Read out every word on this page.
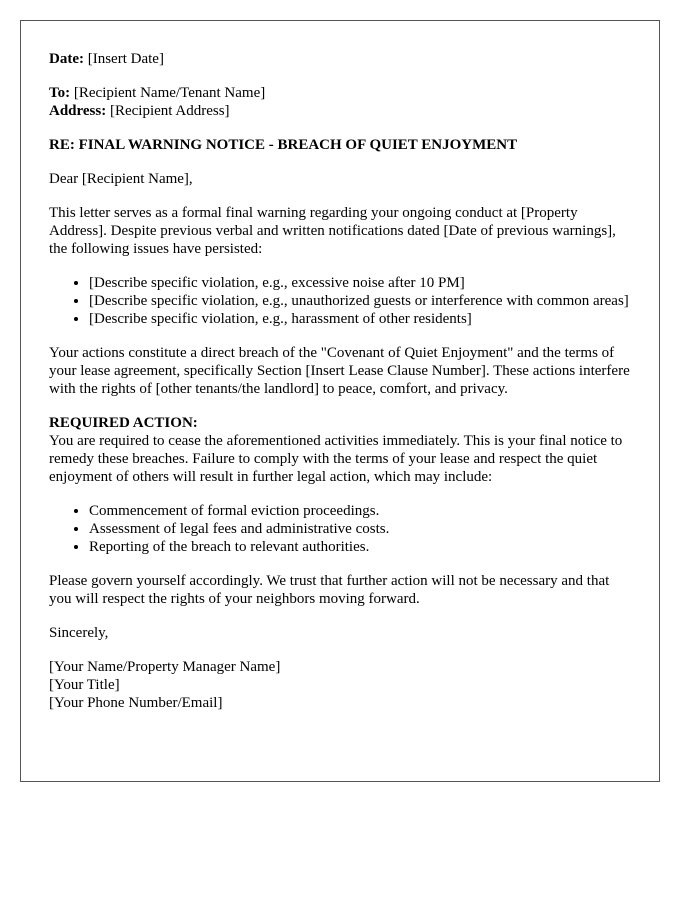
Date: [Insert Date]

To: [Recipient Name/Tenant Name]

Address: [Recipient Address]

RE: FINAL WARNING NOTICE - BREACH OF QUIET ENJOYMENT

Dear [Recipient Name],

This letter serves as a formal final warning regarding your ongoing conduct at [Property Address]. Despite previous verbal and written notifications dated [Date of previous warnings], the following issues have persisted:

• [Describe specific violation, e.g., excessive noise after 10 PM]
• [Describe specific violation, e.g., unauthorized guests or interference with common areas]
• [Describe specific violation, e.g., harassment of other residents]

Your actions constitute a direct breach of the "Covenant of Quiet Enjoyment" and the terms of your lease agreement, specifically Section [Insert Lease Clause Number]. These actions interfere with the rights of [other tenants/the landlord] to peace, comfort, and privacy.

REQUIRED ACTION:

You are required to cease the aforementioned activities immediately. This is your final notice to remedy these breaches. Failure to comply with the terms of your lease and respect the quiet enjoyment of others will result in further legal action, which may include:

• Commencement of formal eviction proceedings.
• Assessment of legal fees and administrative costs.
• Reporting of the breach to relevant authorities.

Please govern yourself accordingly. We trust that further action will not be necessary and that you will respect the rights of your neighbors moving forward.

Sincerely,

[Your Name/Property Manager Name]

[Your Title]

[Your Phone Number/Email]
